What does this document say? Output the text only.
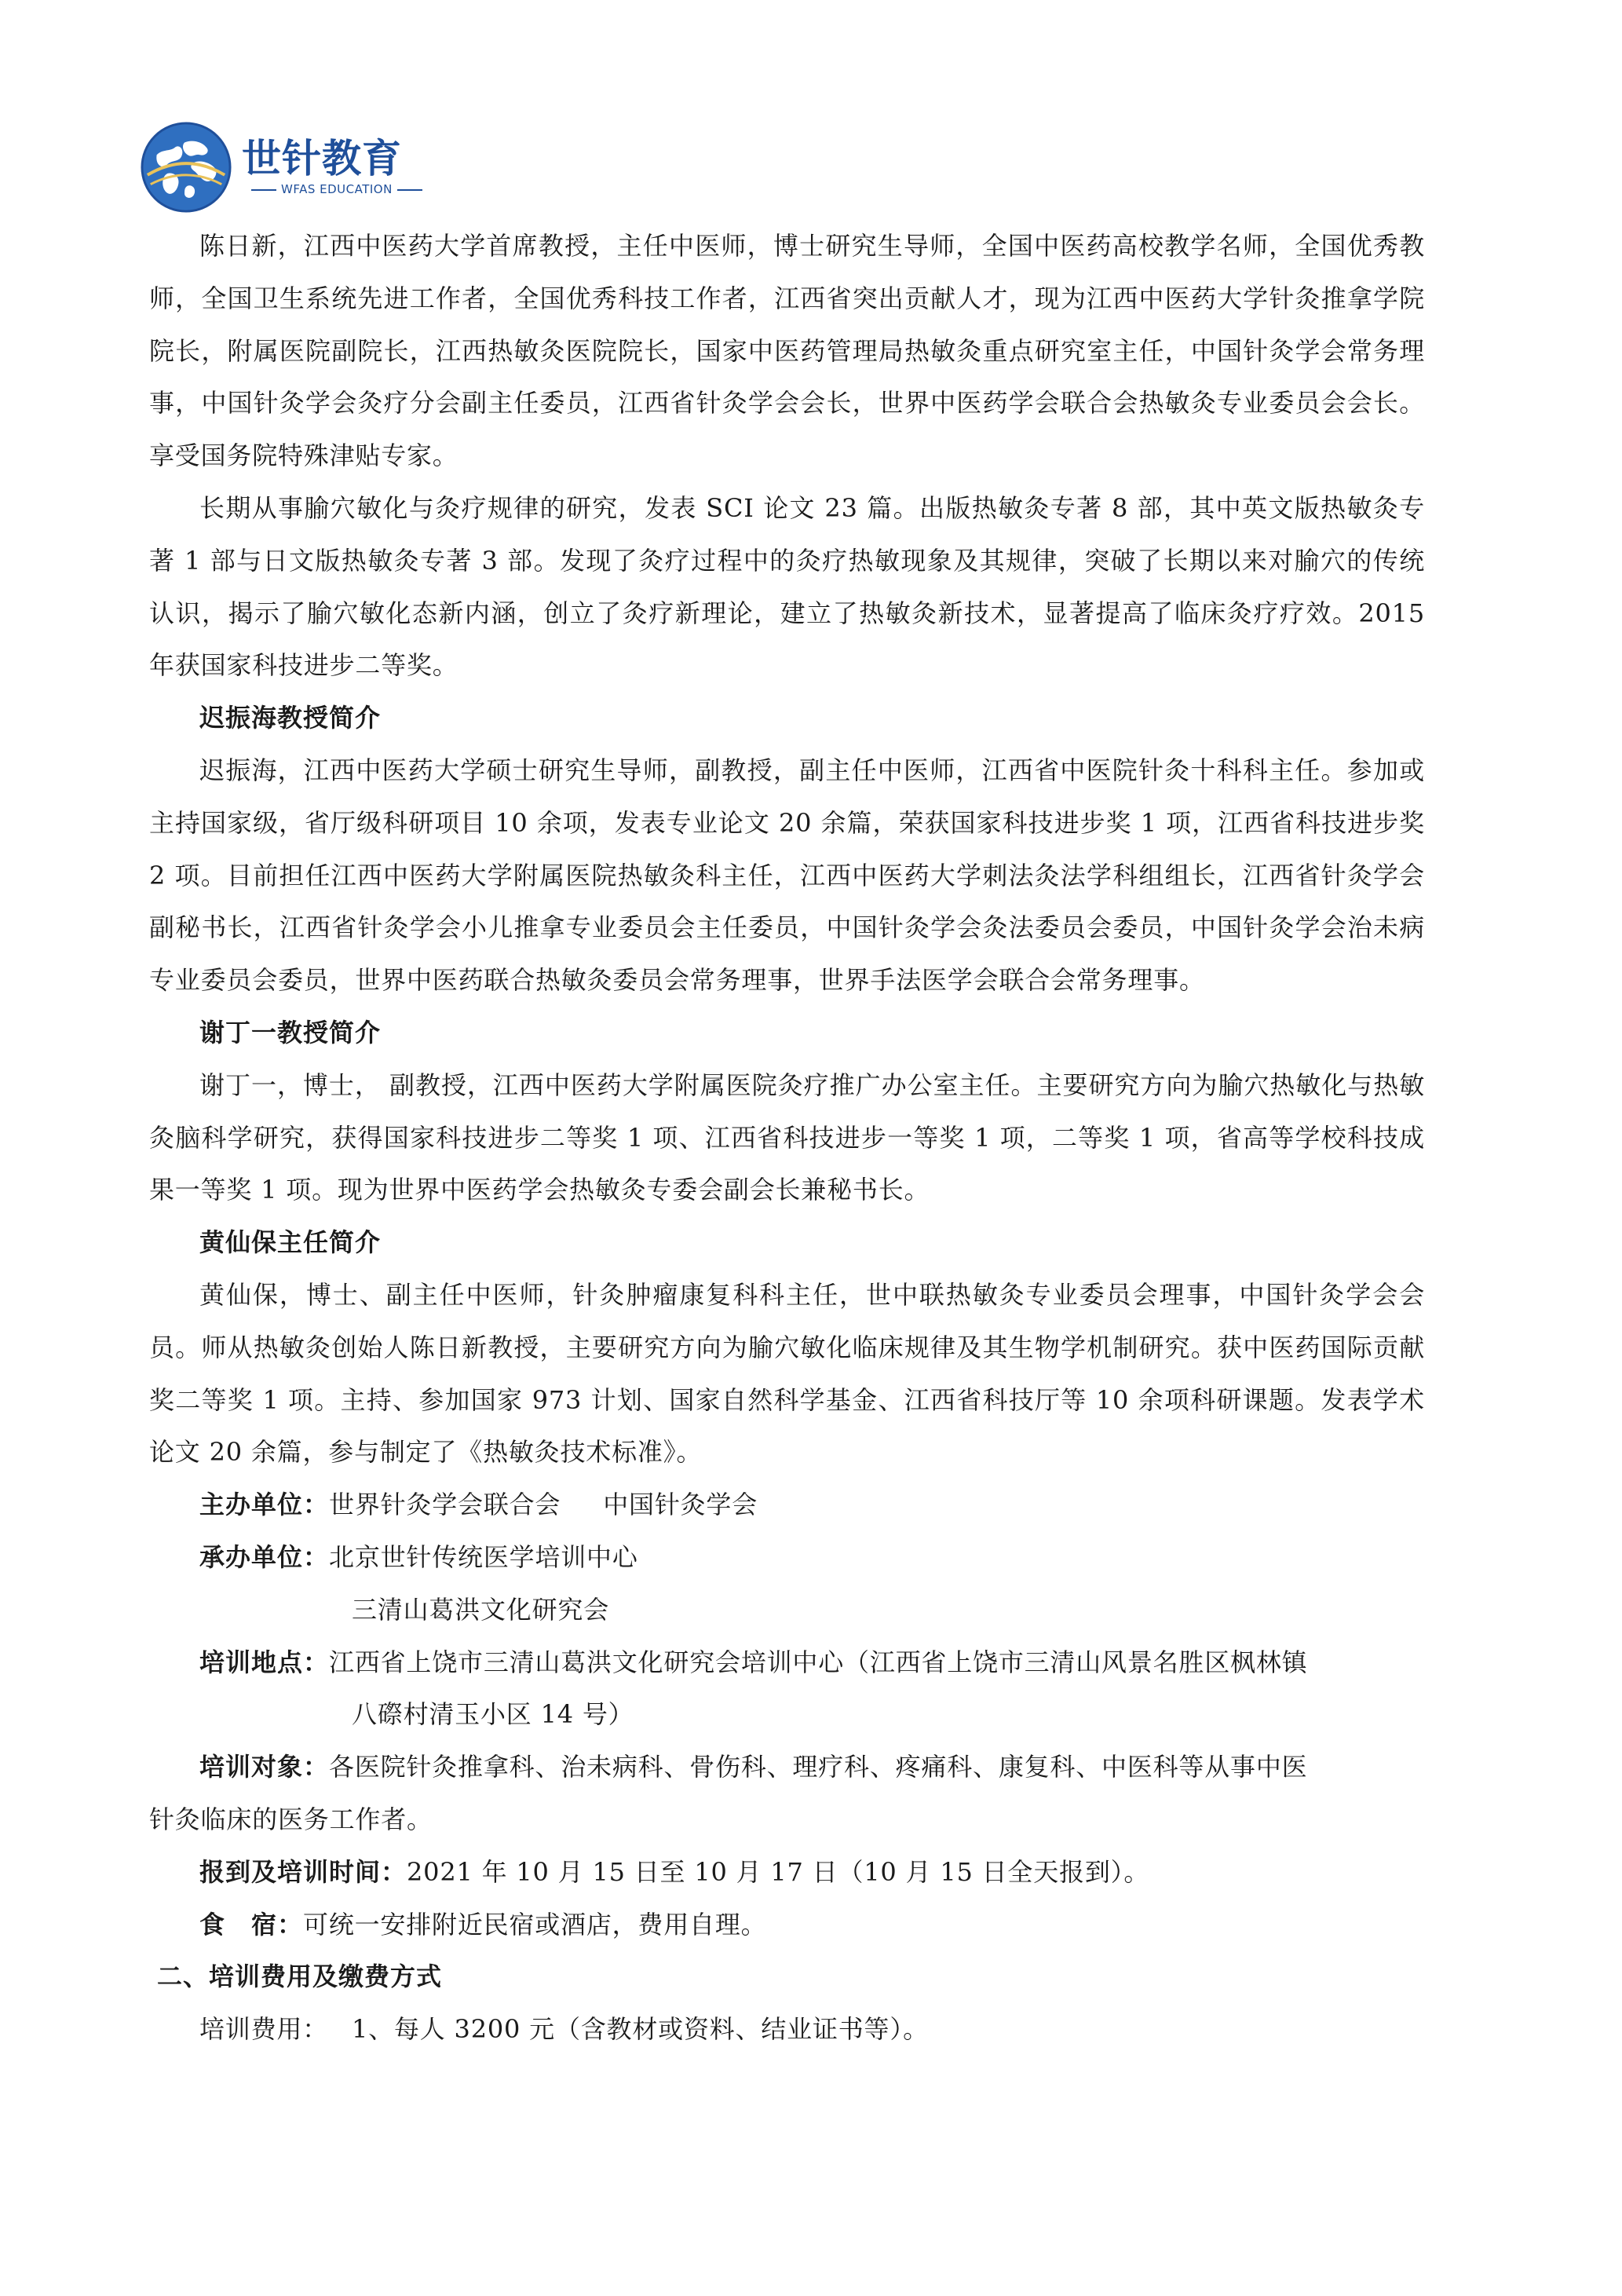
世针教育
WFAS EDUCATION

陈日新，江西中医药大学首席教授，主任中医师，博士研究生导师，全国中医药高校教学名师，全国优秀教师，全国卫生系统先进工作者，全国优秀科技工作者，江西省突出贡献人才，现为江西中医药大学针灸推拿学院院长，附属医院副院长，江西热敏灸医院院长，国家中医药管理局热敏灸重点研究室主任，中国针灸学会常务理事，中国针灸学会灸疗分会副主任委员，江西省针灸学会会长，世界中医药学会联合会热敏灸专业委员会会长。享受国务院特殊津贴专家。

长期从事腧穴敏化与灸疗规律的研究，发表 SCI 论文 23 篇。出版热敏灸专著 8 部，其中英文版热敏灸专著 1 部与日文版热敏灸专著 3 部。发现了灸疗过程中的灸疗热敏现象及其规律，突破了长期以来对腧穴的传统认识，揭示了腧穴敏化态新内涵，创立了灸疗新理论，建立了热敏灸新技术，显著提高了临床灸疗疗效。2015 年获国家科技进步二等奖。

迟振海教授简介

迟振海，江西中医药大学硕士研究生导师，副教授，副主任中医师，江西省中医院针灸十科科主任。参加或主持国家级，省厅级科研项目 10 余项，发表专业论文 20 余篇，荣获国家科技进步奖 1 项，江西省科技进步奖 2 项。目前担任江西中医药大学附属医院热敏灸科主任，江西中医药大学刺法灸法学科组组长，江西省针灸学会副秘书长，江西省针灸学会小儿推拿专业委员会主任委员，中国针灸学会灸法委员会委员，中国针灸学会治未病专业委员会委员，世界中医药联合热敏灸委员会常务理事，世界手法医学会联合会常务理事。

谢丁一教授简介

谢丁一，博士， 副教授，江西中医药大学附属医院灸疗推广办公室主任。主要研究方向为腧穴热敏化与热敏灸脑科学研究，获得国家科技进步二等奖 1 项、江西省科技进步一等奖 1 项，二等奖 1 项，省高等学校科技成果一等奖 1 项。现为世界中医药学会热敏灸专委会副会长兼秘书长。

黄仙保主任简介

黄仙保，博士、副主任中医师，针灸肿瘤康复科科主任，世中联热敏灸专业委员会理事，中国针灸学会会员。师从热敏灸创始人陈日新教授，主要研究方向为腧穴敏化临床规律及其生物学机制研究。获中医药国际贡献奖二等奖 1 项。主持、参加国家 973 计划、国家自然科学基金、江西省科技厅等 10 余项科研课题。发表学术论文 20 余篇，参与制定了《热敏灸技术标准》。

主办单位： 世界针灸学会联合会 中国针灸学会
承办单位： 北京世针传统医学培训中心

三清山葛洪文化研究会

培训地点： 江西省上饶市三清山葛洪文化研究会培训中心（江西省上饶市三清山风景名胜区枫林镇

八磜村清玉小区 14 号）

培训对象： 各医院针灸推拿科、治未病科、骨伤科、理疗科、疼痛科、康复科、中医科等从事中医

针灸临床的医务工作者。

报到及培训时间： 2021 年 10 月 15 日至 10 月 17 日（10 月 15 日全天报到）。
食　宿： 可统一安排附近民宿或酒店，费用自理。

二、培训费用及缴费方式

培训费用： 1、每人 3200 元（含教材或资料、结业证书等）。
